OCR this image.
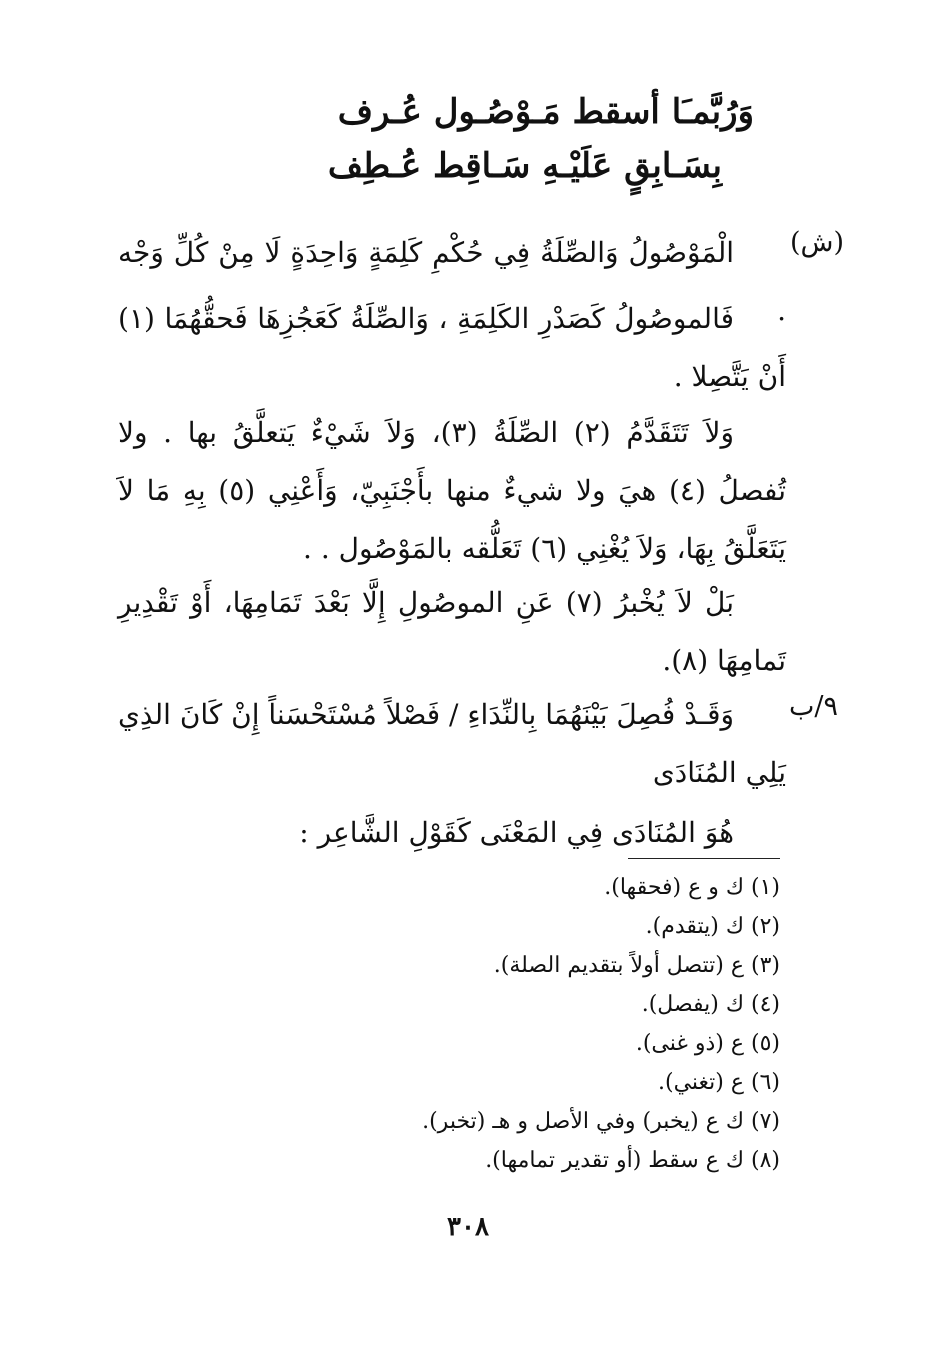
وَرُبَّمـَا أسقط مَـوْصُـول عُـرف
بِسَـابِقٍ عَلَيْـهِ سَـاقِط عُـطِف
(ش)
٩/ب

الْمَوْصُولُ وَالصِّلَةُ فِي حُكْمِ كَلِمَةٍ وَاحِدَةٍ لَا مِنْ كُلِّ وَجْه .

فَالموصُولُ كَصَدْرِ الكَلِمَةِ ، وَالصِّلَةُ كَعَجُزِهَا فَحقُّهُمَا (١) أَنْ يَتَّصِلا .

وَلاَ تَتَقَدَّمُ (٢) الصِّلَةُ (٣)، وَلاَ شَيْءٌ يَتعلَّقُ بها . ولا تُفصلُ (٤) هيَ ولا شيءٌ منها بأَجْنَبِيّ، وَأَعْنِي (٥) بِهِ مَا لاَ يَتَعَلَّقُ بِهَا، وَلاَ يُغْنِي (٦) تَعَلُّقه بالمَوْصُول . .

بَلْ لاَ يُخْبرُ (٧) عَنِ الموصُولِ إِلَّا بَعْدَ تَمَامِهَا، أَوْ تَقْدِيرِ تَمامِهَا (٨).

وَقَـدْ فُصِلَ بَيْنَهُمَا بِالنِّدَاءِ / فَصْلاً مُسْتَحْسَناً إِنْ كَانَ الذِي يَلِي المُنَادَى

هُوَ المُنَادَى فِي المَعْنَى كَقَوْلِ الشَّاعِر :

(١) ك و ع (فحقها).
(٢) ك (يتقدم).
(٣) ع (تتصل أولاً بتقديم الصلة).
(٤) ك (يفصل).
(٥) ع (ذو غنى).
(٦) ع (تغني).
(٧) ك ع (يخبر) وفي الأصل و هـ (تخبر).
(٨) ك ع سقط (أو تقدير تمامها).
٣٠٨
